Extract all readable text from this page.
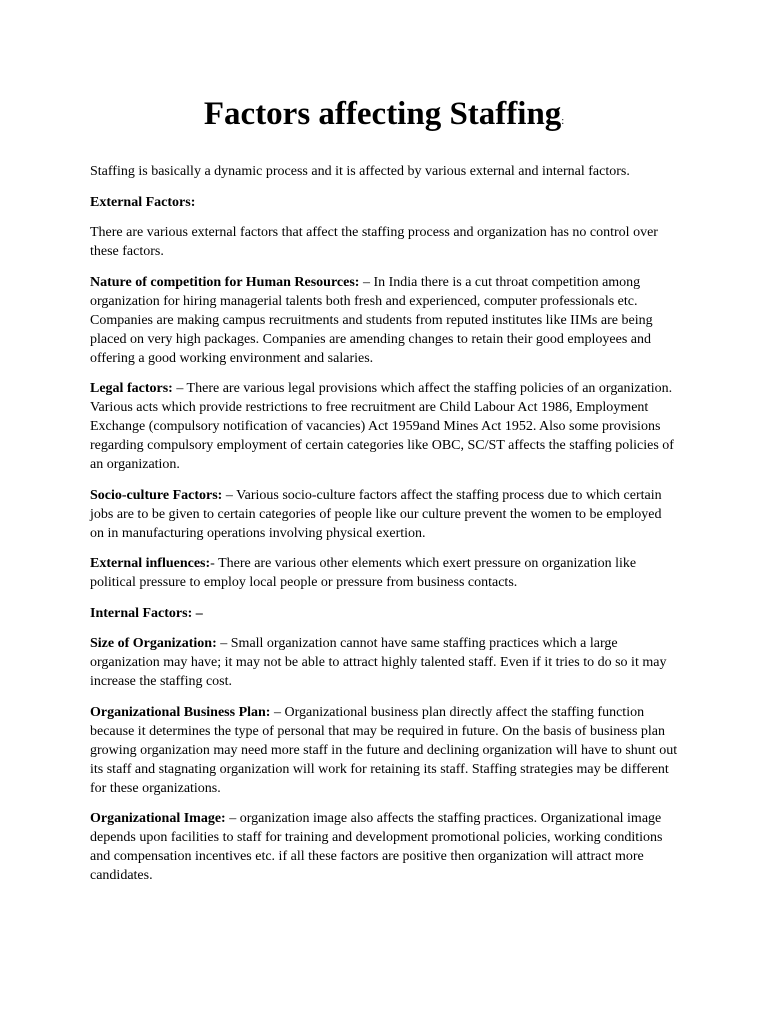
Factors affecting Staffing:

Staffing is basically a dynamic process and it is affected by various external and internal factors.

External Factors:

There are various external factors that affect the staffing process and organization has no control over these factors.

Nature of competition for Human Resources: – In India there is a cut throat competition among organization for hiring managerial talents both fresh and experienced, computer professionals etc. Companies are making campus recruitments and students from reputed institutes like IIMs are being placed on very high packages. Companies are amending changes to retain their good employees and offering a good working environment and salaries.

Legal factors: – There are various legal provisions which affect the staffing policies of an organization. Various acts which provide restrictions to free recruitment are Child Labour Act 1986, Employment Exchange (compulsory notification of vacancies) Act 1959and Mines Act 1952. Also some provisions regarding compulsory employment of certain categories like OBC, SC/ST affects the staffing policies of an organization.

Socio-culture Factors: – Various socio-culture factors affect the staffing process due to which certain jobs are to be given to certain categories of people like our culture prevent the women to be employed on in manufacturing operations involving physical exertion.

External influences:- There are various other elements which exert pressure on organization like political pressure to employ local people or pressure from business contacts.

Internal Factors: –

Size of Organization: – Small organization cannot have same staffing practices which a large organization may have; it may not be able to attract highly talented staff. Even if it tries to do so it may increase the staffing cost.

Organizational Business Plan: – Organizational business plan directly affect the staffing function because it determines the type of personal that may be required in future. On the basis of business plan growing organization may need more staff in the future and declining organization will have to shunt out its staff and stagnating organization will work for retaining its staff. Staffing strategies may be different for these organizations.

Organizational Image: – organization image also affects the staffing practices. Organizational image depends upon facilities to staff for training and development promotional policies, working conditions and compensation incentives etc. if all these factors are positive then organization will attract more candidates.
